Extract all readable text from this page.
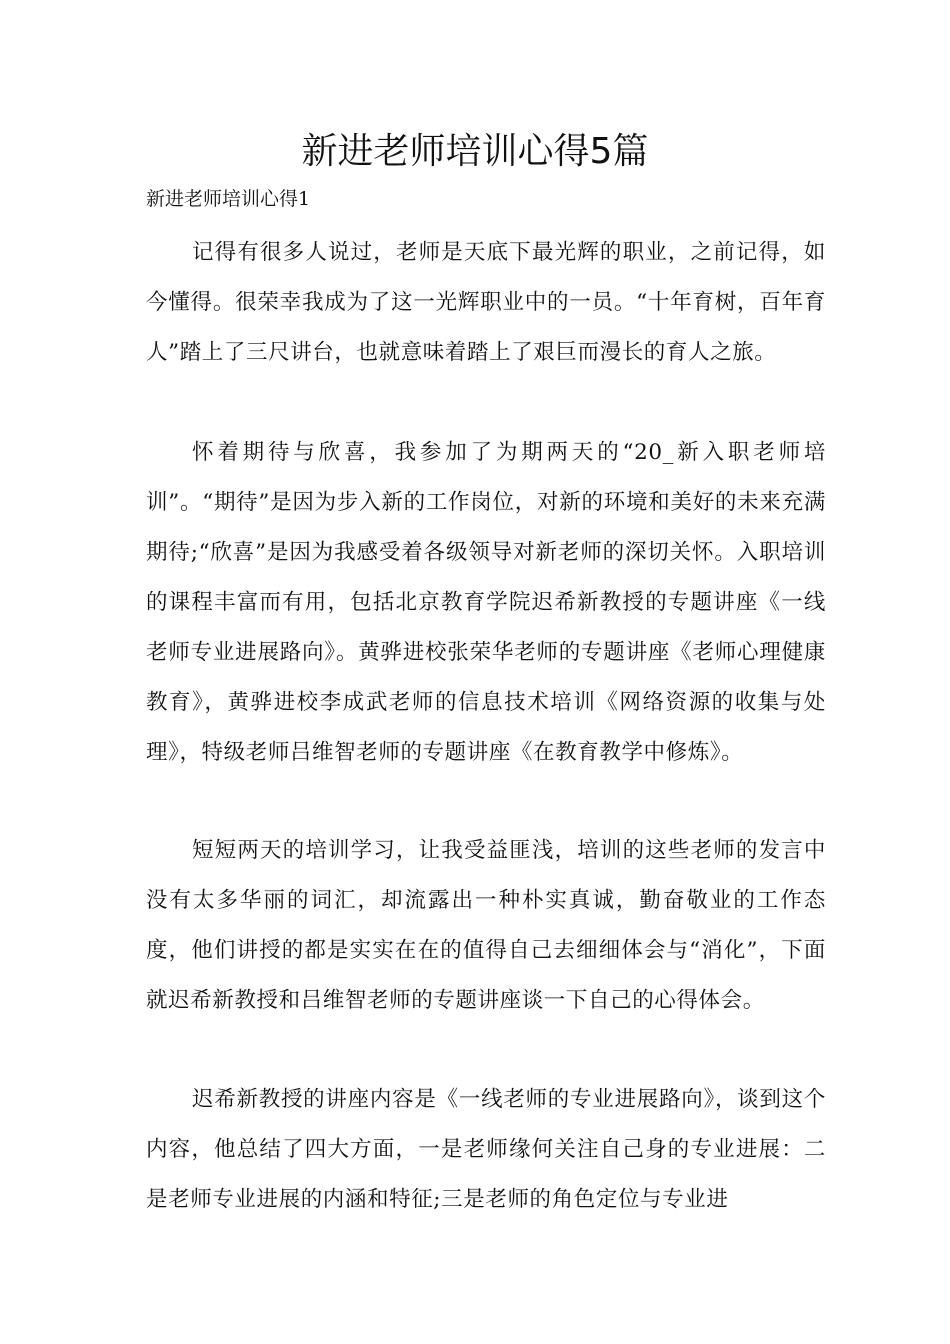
新进老师培训心得5篇

新进老师培训心得1

记得有很多人说过，老师是天底下最光辉的职业，之前记得，如今懂得。很荣幸我成为了这一光辉职业中的一员。“十年育树，百年育人”踏上了三尺讲台，也就意味着踏上了艰巨而漫长的育人之旅。

怀着期待与欣喜，我参加了为期两天的“20_新入职老师培训”。“期待”是因为步入新的工作岗位，对新的环境和美好的未来充满期待;“欣喜”是因为我感受着各级领导对新老师的深切关怀。入职培训的课程丰富而有用，包括北京教育学院迟希新教授的专题讲座《一线老师专业进展路向》。黄骅进校张荣华老师的专题讲座《老师心理健康教育》，黄骅进校李成武老师的信息技术培训《网络资源的收集与处理》，特级老师吕维智老师的专题讲座《在教育教学中修炼》。

短短两天的培训学习，让我受益匪浅，培训的这些老师的发言中没有太多华丽的词汇，却流露出一种朴实真诚，勤奋敬业的工作态度，他们讲授的都是实实在在的值得自己去细细体会与“消化”，下面就迟希新教授和吕维智老师的专题讲座谈一下自己的心得体会。

迟希新教授的讲座内容是《一线老师的专业进展路向》，谈到这个内容，他总结了四大方面，一是老师缘何关注自己身的专业进展：二是老师专业进展的内涵和特征;三是老师的角色定位与专业进
